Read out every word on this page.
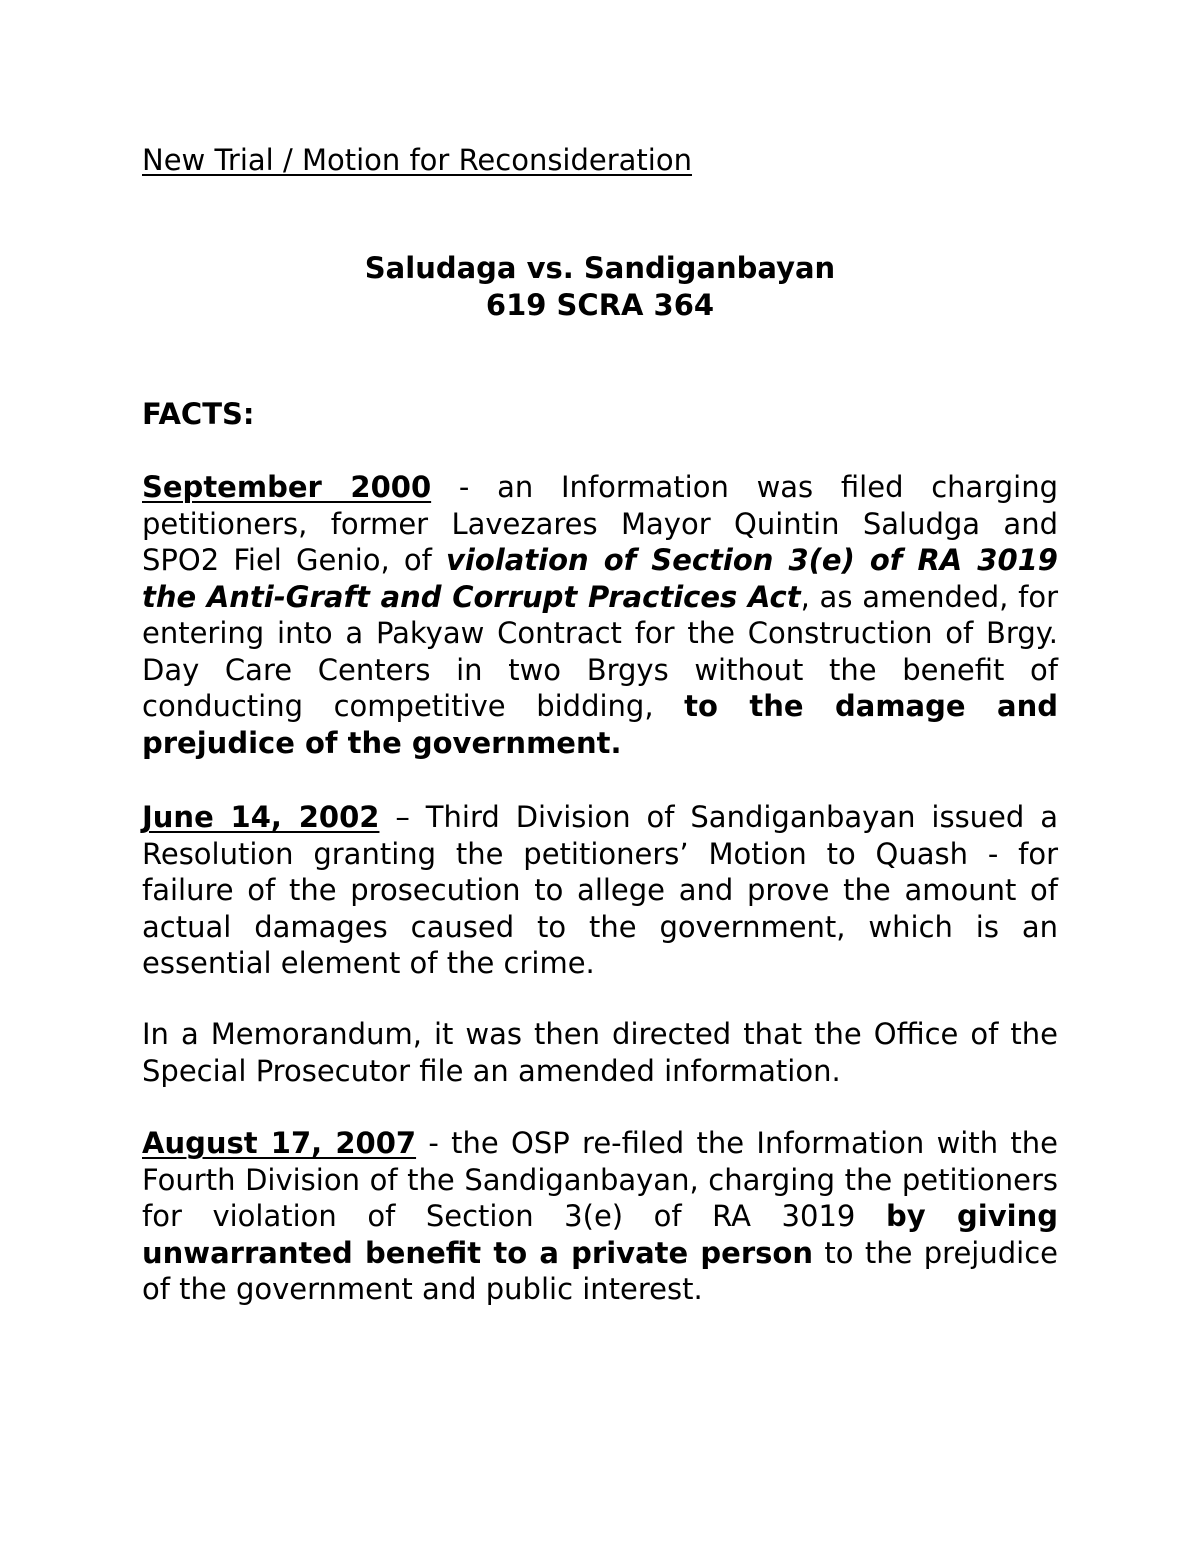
New Trial / Motion for Reconsideration
Saludaga vs. Sandiganbayan
619 SCRA 364
FACTS:

September 2000 - an Information was filed charging petitioners, former Lavezares Mayor Quintin Saludga and SPO2 Fiel Genio, of violation of Section 3(e) of RA 3019 the Anti-Graft and Corrupt Practices Act, as amended, for entering into a Pakyaw Contract for the Construction of Brgy. Day Care Centers in two Brgys without the benefit of conducting competitive bidding, to the damage and prejudice of the government.

June 14, 2002 – Third Division of Sandiganbayan issued a Resolution granting the petitioners’ Motion to Quash - for failure of the prosecution to allege and prove the amount of actual damages caused to the government, which is an essential element of the crime.

In a Memorandum, it was then directed that the Office of the Special Prosecutor file an amended information.

August 17, 2007 - the OSP re-filed the Information with the Fourth Division of the Sandiganbayan, charging the petitioners for violation of Section 3(e) of RA 3019 by giving unwarranted benefit to a private person to the prejudice of the government and public interest.
